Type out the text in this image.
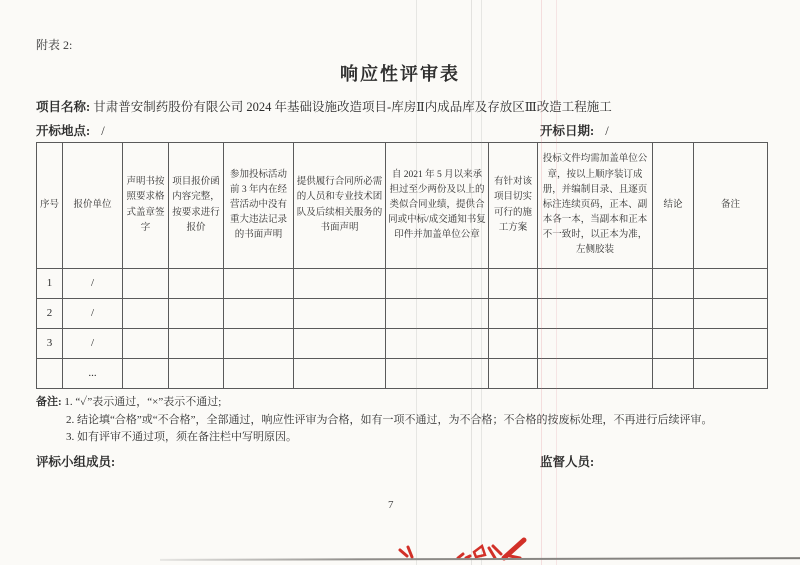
附表 2:
响应性评审表
项目名称: 甘肃普安制药股份有限公司 2024 年基础设施改造项目-库房Ⅱ内成品库及存放区Ⅲ改造工程施工
开标地点: /	开标日期: /
序号	报价单位	声明书按照要求格式盖章签字	项目报价函内容完整，按要求进行报价	参加投标活动前 3 年内在经营活动中没有重大违法记录的书面声明	提供履行合同所必需的人员和专业技术团队及后续相关服务的书面声明	自 2021 年 5 月以来承担过至少两份及以上的类似合同业绩，提供合同或中标/成交通知书复印件并加盖单位公章	有针对该项目切实可行的施工方案	投标文件均需加盖单位公章，按以上顺序装订成册，并编制目录、且逐页标注连续页码，正本、副本各一本，当副本和正本不一致时，以正本为准，左侧胶装	结论	备注
1	/									
2	/									
3	/									
	...									
备注: 1. “✓”表示通过，“×”表示不通过;
2. 结论填“合格”或“不合格”，全部通过，响应性评审为合格，如有一项不通过，为不合格；不合格的按废标处理，不再进行后续评审。
3. 如有评审不通过项，须在备注栏中写明原因。
评标小组成员:	监督人员:
7
